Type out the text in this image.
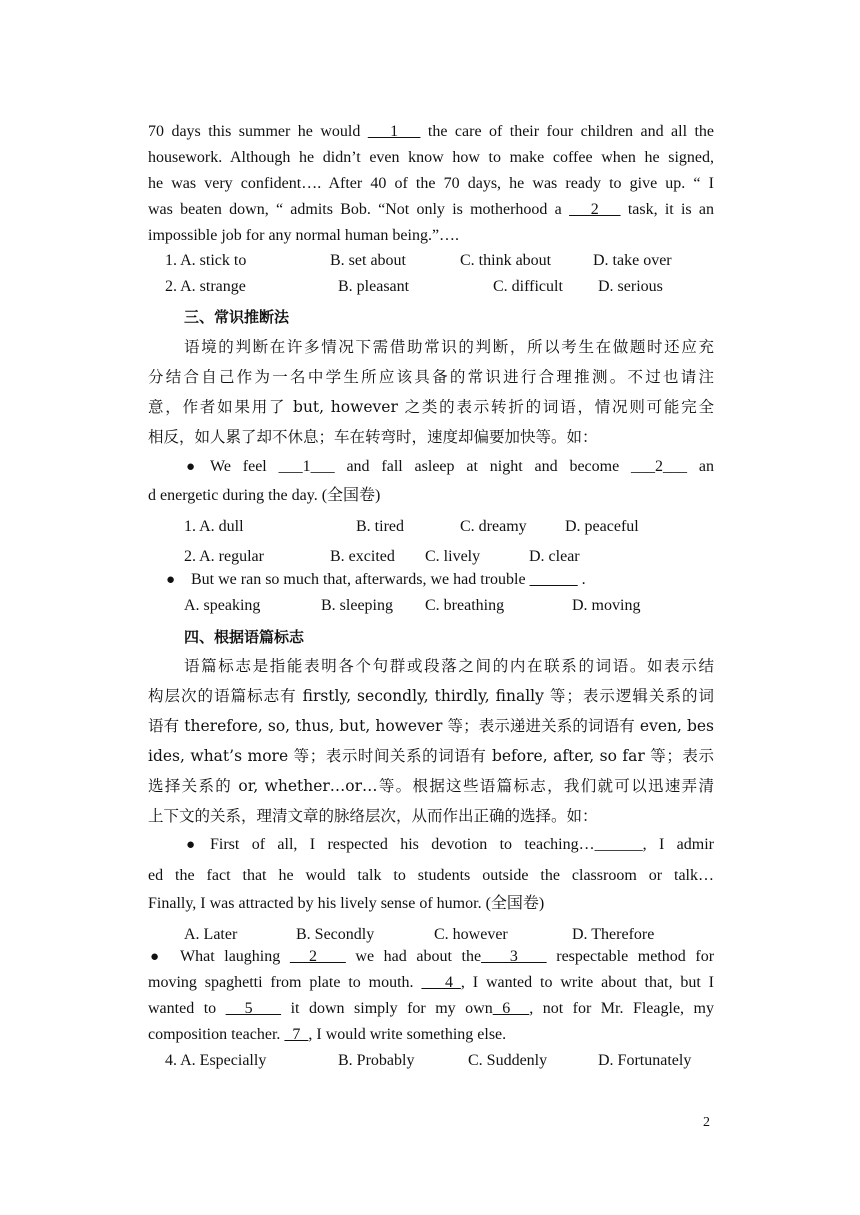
70 days this summer he would    1    the care of their four children and all the
housework. Although he didn’t even know how to make coffee when he signed,
he was very confident…. After 40 of the 70 days, he was ready to give up. “ I
was beaten down, “ admits Bob. “Not only is motherhood a    2    task, it is an
impossible job for any normal human being.”….
1. A. stick to	B. set about	C. think about	D. take over
2. A. strange	B. pleasant	C. difficult D. serious
三、常识推断法
语境的判断在许多情况下需借助常识的判断，所以考生在做题时还应充
分结合自己作为一名中学生所应该具备的常识进行合理推测。不过也请注
意，作者如果用了 but, however 之类的表示转折的词语，情况则可能完全
相反，如人累了却不休息；车在转弯时，速度却偏要加快等。如：
● We feel ___1___ and fall asleep at night and become ___2___ an
d energetic during the day. (全国卷)
1. A. dull	B. tired	C. dreamy D. peaceful
2. A. regular	B. excited C. lively	D. clear
● But we ran so much that, afterwards, we had trouble ______ .
A. speaking	B. sleeping C. breathing	D. moving
四、根据语篇标志
语篇标志是指能表明各个句群或段落之间的内在联系的词语。如表示结
构层次的语篇标志有 firstly, secondly, thirdly, finally 等；表示逻辑关系的词
语有 therefore, so, thus, but, however 等；表示递进关系的词语有 even, bes
ides, what’s more 等；表示时间关系的词语有 before, after, so far 等；表示
选择关系的 or, whether…or…等。根据这些语篇标志，我们就可以迅速弄清
上下文的关系，理清文章的脉络层次，从而作出正确的选择。如：
● First of all, I respected his devotion to teaching…______, I admir
ed the fact that he would talk to students outside the classroom or talk…
Finally, I was attracted by his lively sense of humor. (全国卷)
A. Later	B. Secondly	C. however	D. Therefore
●	What laughing   2    we had about the   3    respectable method for
moving spaghetti from plate to mouth.    4 , I wanted to write about that, but I
wanted to   5    it down simply for my own 6  , not for Mr. Fleagle, my
composition teacher.   7  , I would write something else.
4. A. Especially	B. Probably	C. Suddenly	D. Fortunately
2
